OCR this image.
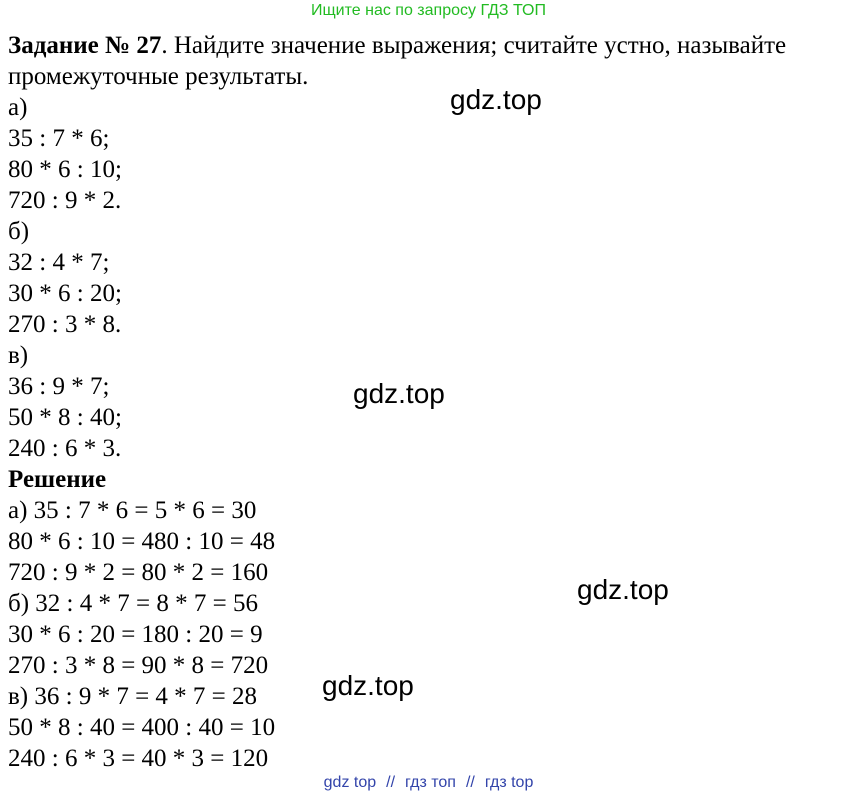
Ищите нас по запросу ГДЗ ТОП
Задание № 27. Найдите значение выражения; считайте устно, называйте промежуточные результаты.
а)
35 : 7 * 6;
80 * 6 : 10;
720 : 9 * 2.
б)
32 : 4 * 7;
30 * 6 : 20;
270 : 3 * 8.
в)
36 : 9 * 7;
50 * 8 : 40;
240 : 6 * 3.
Решение
а) 35 : 7 * 6 = 5 * 6 = 30
80 * 6 : 10 = 480 : 10 = 48
720 : 9 * 2 = 80 * 2 = 160
б) 32 : 4 * 7 = 8 * 7 = 56
30 * 6 : 20 = 180 : 20 = 9
270 : 3 * 8 = 90 * 8 = 720
в) 36 : 9 * 7 = 4 * 7 = 28
50 * 8 : 40 = 400 : 40 = 10
240 : 6 * 3 = 40 * 3 = 120
gdz.top
gdz.top
gdz.top
gdz.top
gdz top // гдз топ // гдз top
